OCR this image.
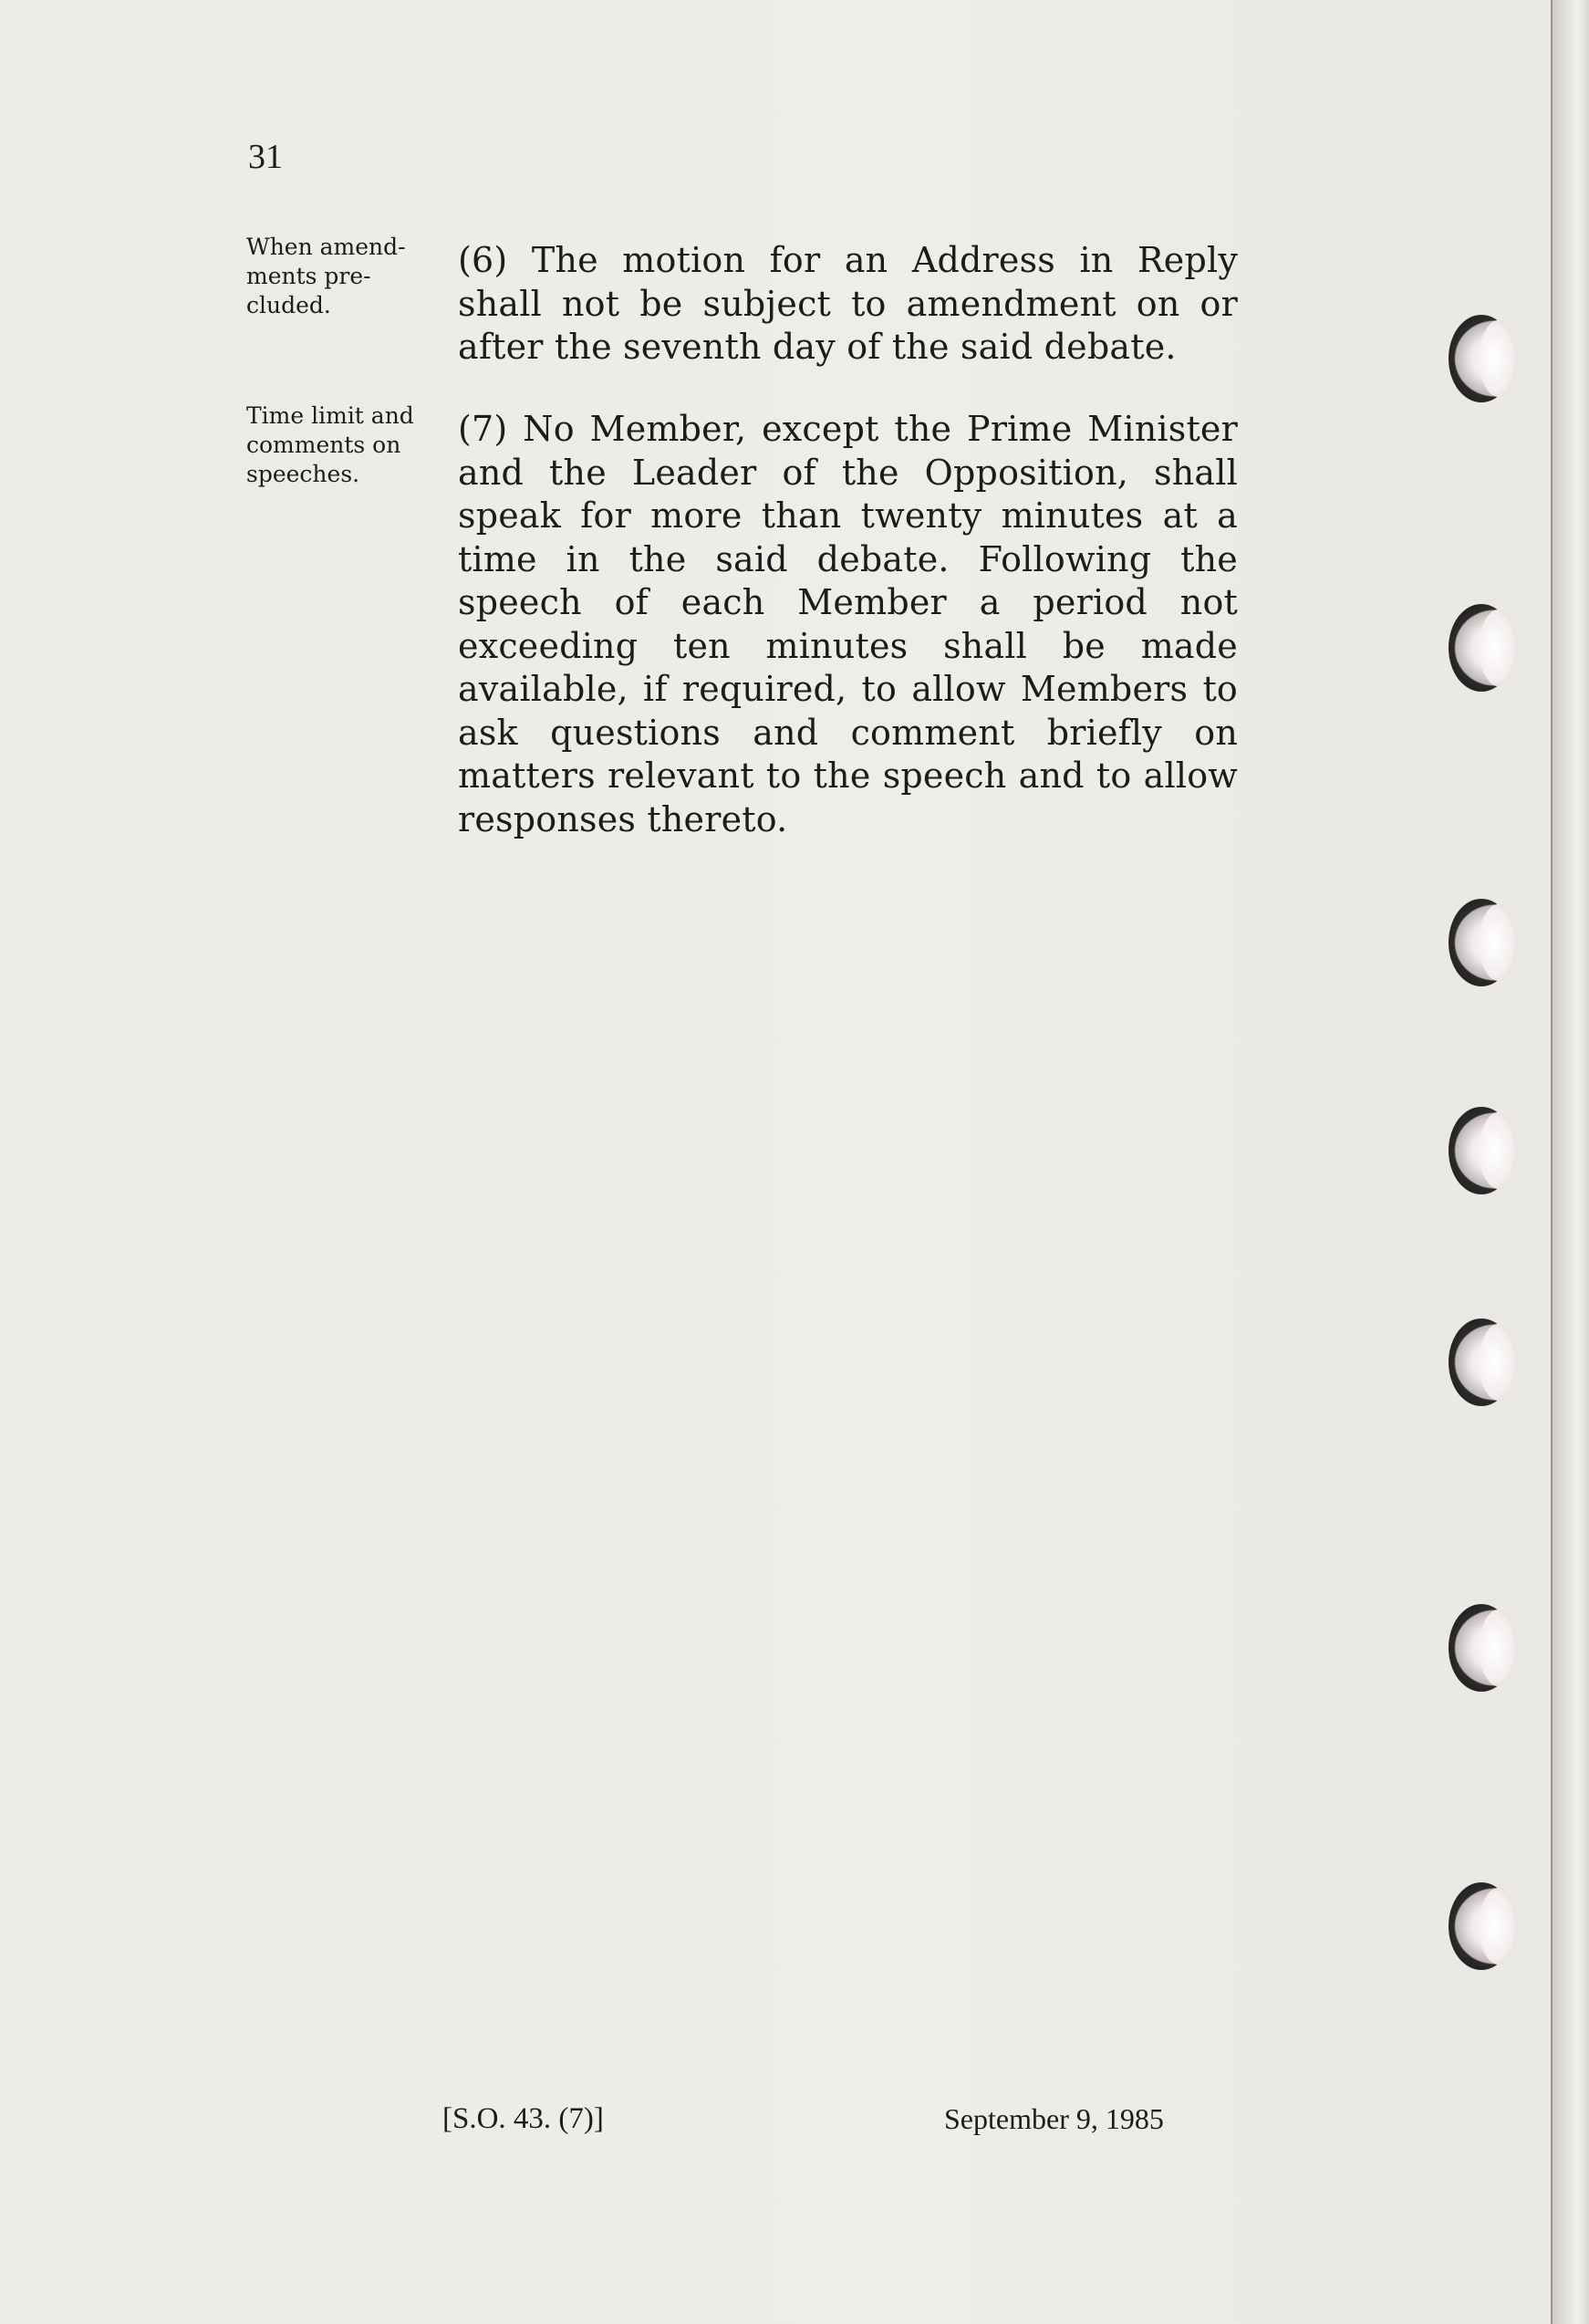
31
When amend- ments pre- cluded.
(6) The motion for an Address in Reply shall not be subject to amendment on or after the seventh day of the said debate.
Time limit and comments on speeches.
(7) No Member, except the Prime Minister and the Leader of the Opposition, shall speak for more than twenty minutes at a time in the said debate. Following the speech of each Member a period not exceeding ten minutes shall be made available, if required, to allow Members to ask questions and comment briefly on matters relevant to the speech and to allow responses thereto.
[S.O. 43. (7)]	September 9, 1985
